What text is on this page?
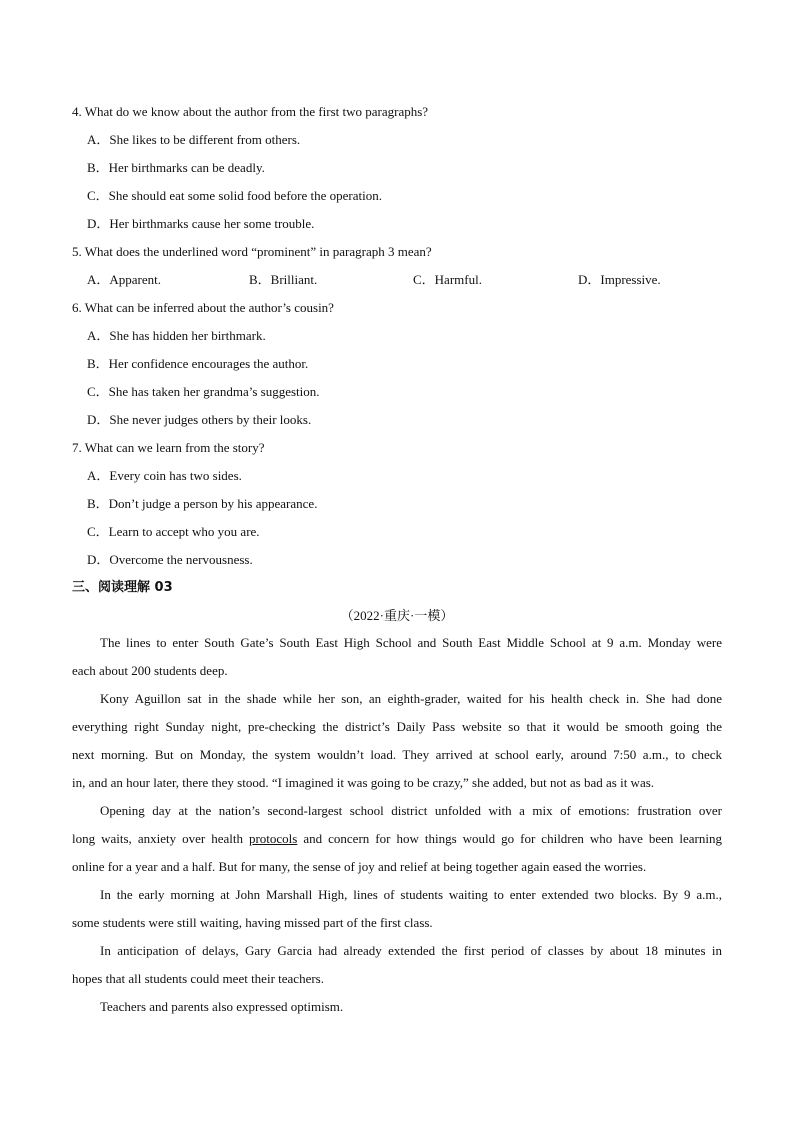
4. What do we know about the author from the first two paragraphs?
A．She likes to be different from others.
B．Her birthmarks can be deadly.
C．She should eat some solid food before the operation.
D．Her birthmarks cause her some trouble.
5. What does the underlined word “prominent” in paragraph 3 mean?
A．Apparent.	B．Brilliant.	C．Harmful.	D．Impressive.
6. What can be inferred about the author’s cousin?
A．She has hidden her birthmark.
B．Her confidence encourages the author.
C．She has taken her grandma’s suggestion.
D．She never judges others by their looks.
7. What can we learn from the story?
A．Every coin has two sides.
B．Don’t judge a person by his appearance.
C．Learn to accept who you are.
D．Overcome the nervousness.
三、阅读理解 03
（2022·重庆·一模）
The lines to enter South Gate’s South East High School and South East Middle School at 9 a.m. Monday were
each about 200 students deep.
Kony Aguillon sat in the shade while her son, an eighth-grader, waited for his health check in. She had done
everything right Sunday night, pre-checking the district’s Daily Pass website so that it would be smooth going the
next morning. But on Monday, the system wouldn’t load. They arrived at school early, around 7:50 a.m., to check
in, and an hour later, there they stood. “I imagined it was going to be crazy,” she added, but not as bad as it was.
Opening day at the nation’s second-largest school district unfolded with a mix of emotions: frustration over
long waits, anxiety over health protocols and concern for how things would go for children who have been learning
online for a year and a half. But for many, the sense of joy and relief at being together again eased the worries.
In the early morning at John Marshall High, lines of students waiting to enter extended two blocks. By 9 a.m.,
some students were still waiting, having missed part of the first class.
In anticipation of delays, Gary Garcia had already extended the first period of classes by about 18 minutes in
hopes that all students could meet their teachers.
Teachers and parents also expressed optimism.
